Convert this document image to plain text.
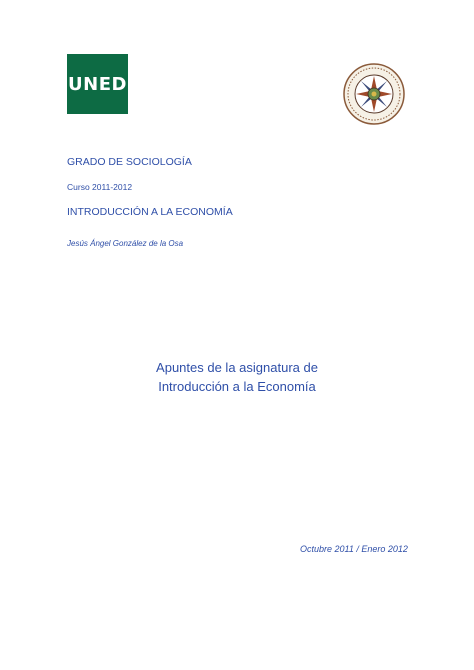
UNED
GRADO DE SOCIOLOGÍA
Curso 2011-2012
INTRODUCCIÓN A LA ECONOMÍA
Jesús Ángel González de la Osa
Apuntes de la asignatura de
Introducción a la Economía
Octubre 2011 / Enero 2012
